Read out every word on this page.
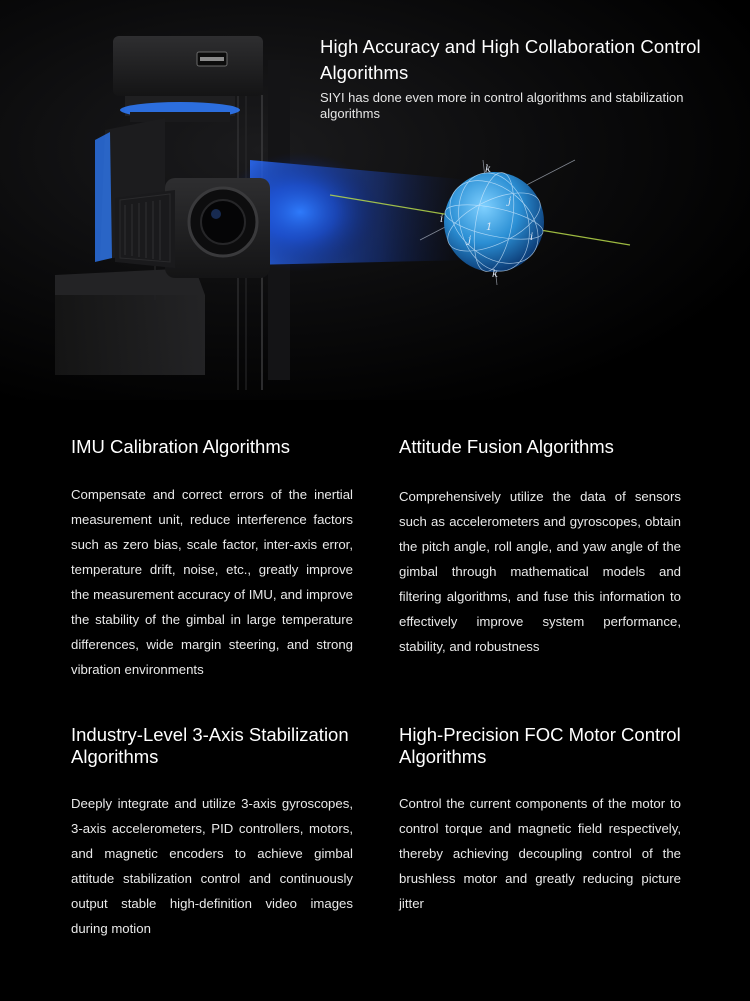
k
j
i
1
j	i
k
High Accuracy and High Collaboration Control Algorithms

SIYI has done even more in control algorithms and stabilization algorithms

IMU Calibration Algorithms

Compensate and correct errors of the inertial measurement unit, reduce interference factors such as zero bias, scale factor, inter-axis error, temperature drift, noise, etc., greatly improve the measurement accuracy of IMU, and improve the stability of the gimbal in large temperature differences, wide margin steering, and strong vibration environments

Attitude Fusion Algorithms

Comprehensively utilize the data of sensors such as accelerometers and gyroscopes, obtain the pitch angle, roll angle, and yaw angle of the gimbal through mathematical models and filtering algorithms, and fuse this information to effectively improve system performance, stability, and robustness

Industry-Level 3-Axis Stabilization Algorithms

Deeply integrate and utilize 3-axis gyroscopes, 3-axis accelerometers, PID controllers, motors, and magnetic encoders to achieve gimbal attitude stabilization control and continuously output stable high-definition video images during motion

High-Precision FOC Motor Control Algorithms

Control the current components of the motor to control torque and magnetic field respectively, thereby achieving decoupling control of the brushless motor and greatly reducing picture jitter
